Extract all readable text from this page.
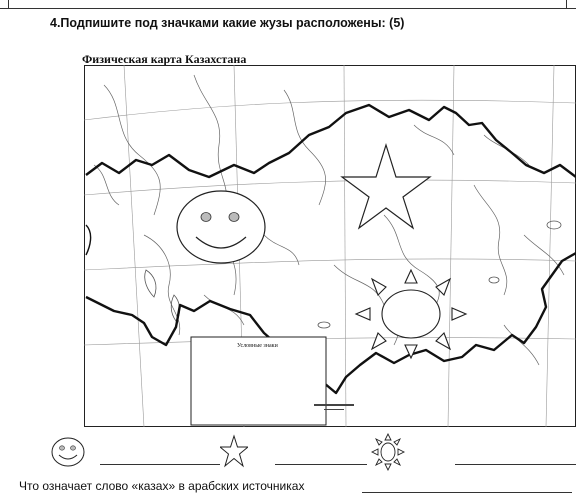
4.Подпишите под значками какие жузы расположены: (5)
Физическая карта Казахстана
Условные знаки
Что означает слово «казах» в арабских источниках
